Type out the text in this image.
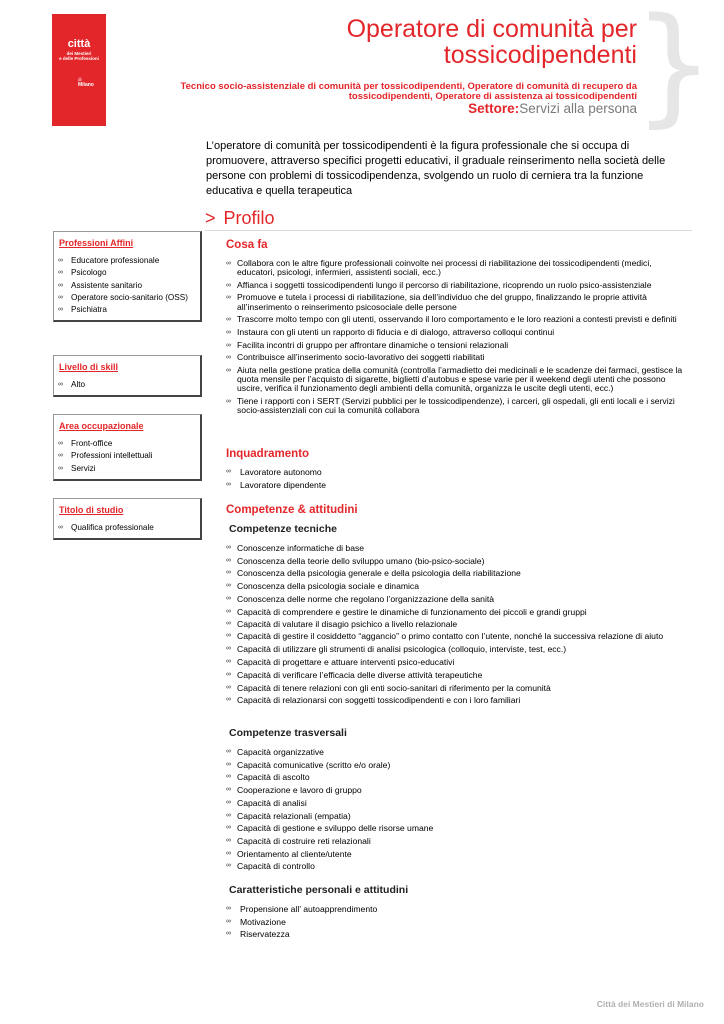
città
dei Mestieri
e delle Professioni
di
Milano	}
Operatore di comunità per tossicodipendenti
Tecnico socio-assistenziale di comunità per tossicodipendenti, Operatore di comunità di recupero da tossicodipendenti, Operatore di assistenza ai tossicodipendenti
Settore:Servizi alla persona
L’operatore di comunità per tossicodipendenti è la figura professionale che si occupa di promuovere, attraverso specifici progetti educativi, il graduale reinserimento nella società delle persone con problemi di tossicodipendenza, svolgendo un ruolo di cerniera tra la funzione educativa e quella terapeutica
> Profilo
Professioni Affini
∞ Educatore professionale
∞ Psicologo
∞ Assistente sanitario
∞ Operatore socio-sanitario (OSS)
∞ Psichiatra
Livello di skill
∞ Alto
Area occupazionale
∞ Front-office
∞ Professioni intellettuali
∞ Servizi
Titolo di studio
∞ Qualifica professionale
Cosa fa
∞ Collabora con le altre figure professionali coinvolte nei processi di riabilitazione dei tossicodipendenti (medici, educatori, psicologi, infermieri, assistenti sociali, ecc.)
∞ Affianca i soggetti tossicodipendenti lungo il percorso di riabilitazione, ricoprendo un ruolo psico-assistenziale
∞ Promuove e tutela i processi di riabilitazione, sia dell’individuo che del gruppo, finalizzando le proprie attività all’inserimento o reinserimento psicosociale delle persone
∞ Trascorre molto tempo con gli utenti, osservando il loro comportamento e le loro reazioni a contesti previsti e definiti
∞ Instaura con gli utenti un rapporto di fiducia e di dialogo, attraverso colloqui continui
∞ Facilita incontri di gruppo per affrontare dinamiche o tensioni relazionali
∞ Contribuisce all’inserimento socio-lavorativo dei soggetti riabilitati
∞ Aiuta nella gestione pratica della comunità (controlla l’armadietto dei medicinali e le scadenze dei farmaci, gestisce la quota mensile per l’acquisto di sigarette, biglietti d’autobus e spese varie per il weekend degli utenti che possono uscire, verifica il funzionamento degli ambienti della comunità, organizza le uscite degli utenti, ecc.)
∞ Tiene i rapporti con i SERT (Servizi pubblici per le tossicodipendenze), i carceri, gli ospedali, gli enti locali e i servizi socio-assistenziali con cui la comunità collabora
Inquadramento
∞ Lavoratore autonomo
∞ Lavoratore dipendente
Competenze & attitudini
Competenze tecniche
∞ Conoscenze informatiche di base
∞ Conoscenza della teorie dello sviluppo umano (bio-psico-sociale)
∞ Conoscenza della psicologia generale e della psicologia della riabilitazione
∞ Conoscenza della psicologia sociale e dinamica
∞ Conoscenza delle norme che regolano l’organizzazione della sanità
∞ Capacità di comprendere e gestire le dinamiche di funzionamento dei piccoli e grandi gruppi
∞ Capacità di valutare il disagio psichico a livello relazionale
∞ Capacità di gestire il cosiddetto “aggancio” o primo contatto con l’utente, nonché la successiva relazione di aiuto
∞ Capacità di utilizzare gli strumenti di analisi psicologica (colloquio, interviste, test, ecc.)
∞ Capacità di progettare e attuare interventi psico-educativi
∞ Capacità di verificare l’efficacia delle diverse attività terapeutiche
∞ Capacità di tenere relazioni con gli enti socio-sanitari di riferimento per la comunità
∞ Capacità di relazionarsi con soggetti tossicodipendenti e con i loro familiari
Competenze trasversali
∞ Capacità organizzative
∞ Capacità comunicative (scritto e/o orale)
∞ Capacità di ascolto
∞ Cooperazione e lavoro di gruppo
∞ Capacità di analisi
∞ Capacità relazionali (empatia)
∞ Capacità di gestione e sviluppo delle risorse umane
∞ Capacità di costruire reti relazionali
∞ Orientamento al cliente/utente
∞ Capacità di controllo
Caratteristiche personali e attitudini
∞ Propensione all’ autoapprendimento
∞ Motivazione
∞ Riservatezza
Città dei Mestieri di Milano
